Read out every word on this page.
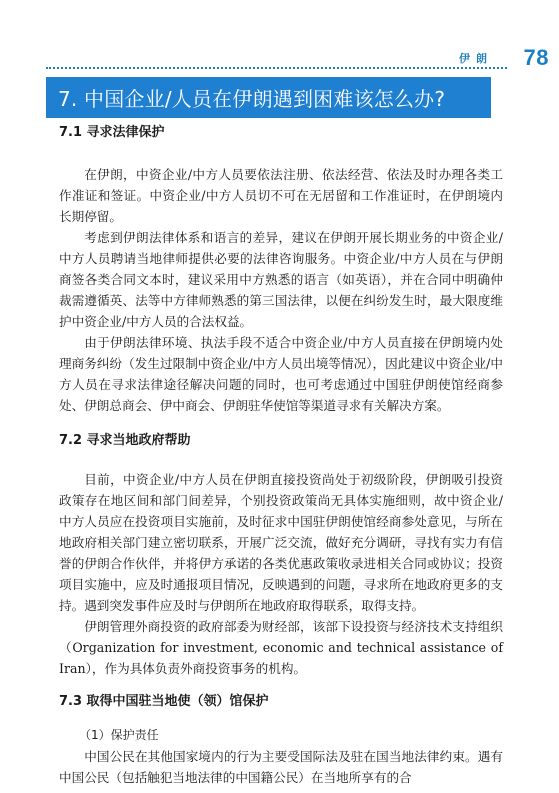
伊朗 78
7. 中国企业/人员在伊朗遇到困难该怎么办?
7.1 寻求法律保护

在伊朗，中资企业/中方人员要依法注册、依法经营、依法及时办理各类工作准证和签证。中资企业/中方人员切不可在无居留和工作准证时，在伊朗境内长期停留。

考虑到伊朗法律体系和语言的差异，建议在伊朗开展长期业务的中资企业/中方人员聘请当地律师提供必要的法律咨询服务。中资企业/中方人员在与伊朗商签各类合同文本时，建议采用中方熟悉的语言（如英语），并在合同中明确仲裁需遵循英、法等中方律师熟悉的第三国法律，以便在纠纷发生时，最大限度维护中资企业/中方人员的合法权益。

由于伊朗法律环境、执法手段不适合中资企业/中方人员直接在伊朗境内处理商务纠纷（发生过限制中资企业/中方人员出境等情况），因此建议中资企业/中方人员在寻求法律途径解决问题的同时，也可考虑通过中国驻伊朗使馆经商参处、伊朗总商会、伊中商会、伊朗驻华使馆等渠道寻求有关解决方案。

7.2 寻求当地政府帮助

目前，中资企业/中方人员在伊朗直接投资尚处于初级阶段，伊朗吸引投资政策存在地区间和部门间差异，个别投资政策尚无具体实施细则，故中资企业/中方人员应在投资项目实施前，及时征求中国驻伊朗使馆经商参处意见，与所在地政府相关部门建立密切联系，开展广泛交流，做好充分调研，寻找有实力有信誉的伊朗合作伙伴，并将伊方承诺的各类优惠政策收录进相关合同或协议；投资项目实施中，应及时通报项目情况，反映遇到的问题，寻求所在地政府更多的支持。遇到突发事件应及时与伊朗所在地政府取得联系，取得支持。

伊朗管理外商投资的政府部委为财经部，该部下设投资与经济技术支持组织（Organization for investment, economic and technical assistance of Iran），作为具体负责外商投资事务的机构。

7.3 取得中国驻当地使（领）馆保护

（1）保护责任

中国公民在其他国家境内的行为主要受国际法及驻在国当地法律约束。遇有中国公民（包括触犯当地法律的中国籍公民）在当地所享有的合
